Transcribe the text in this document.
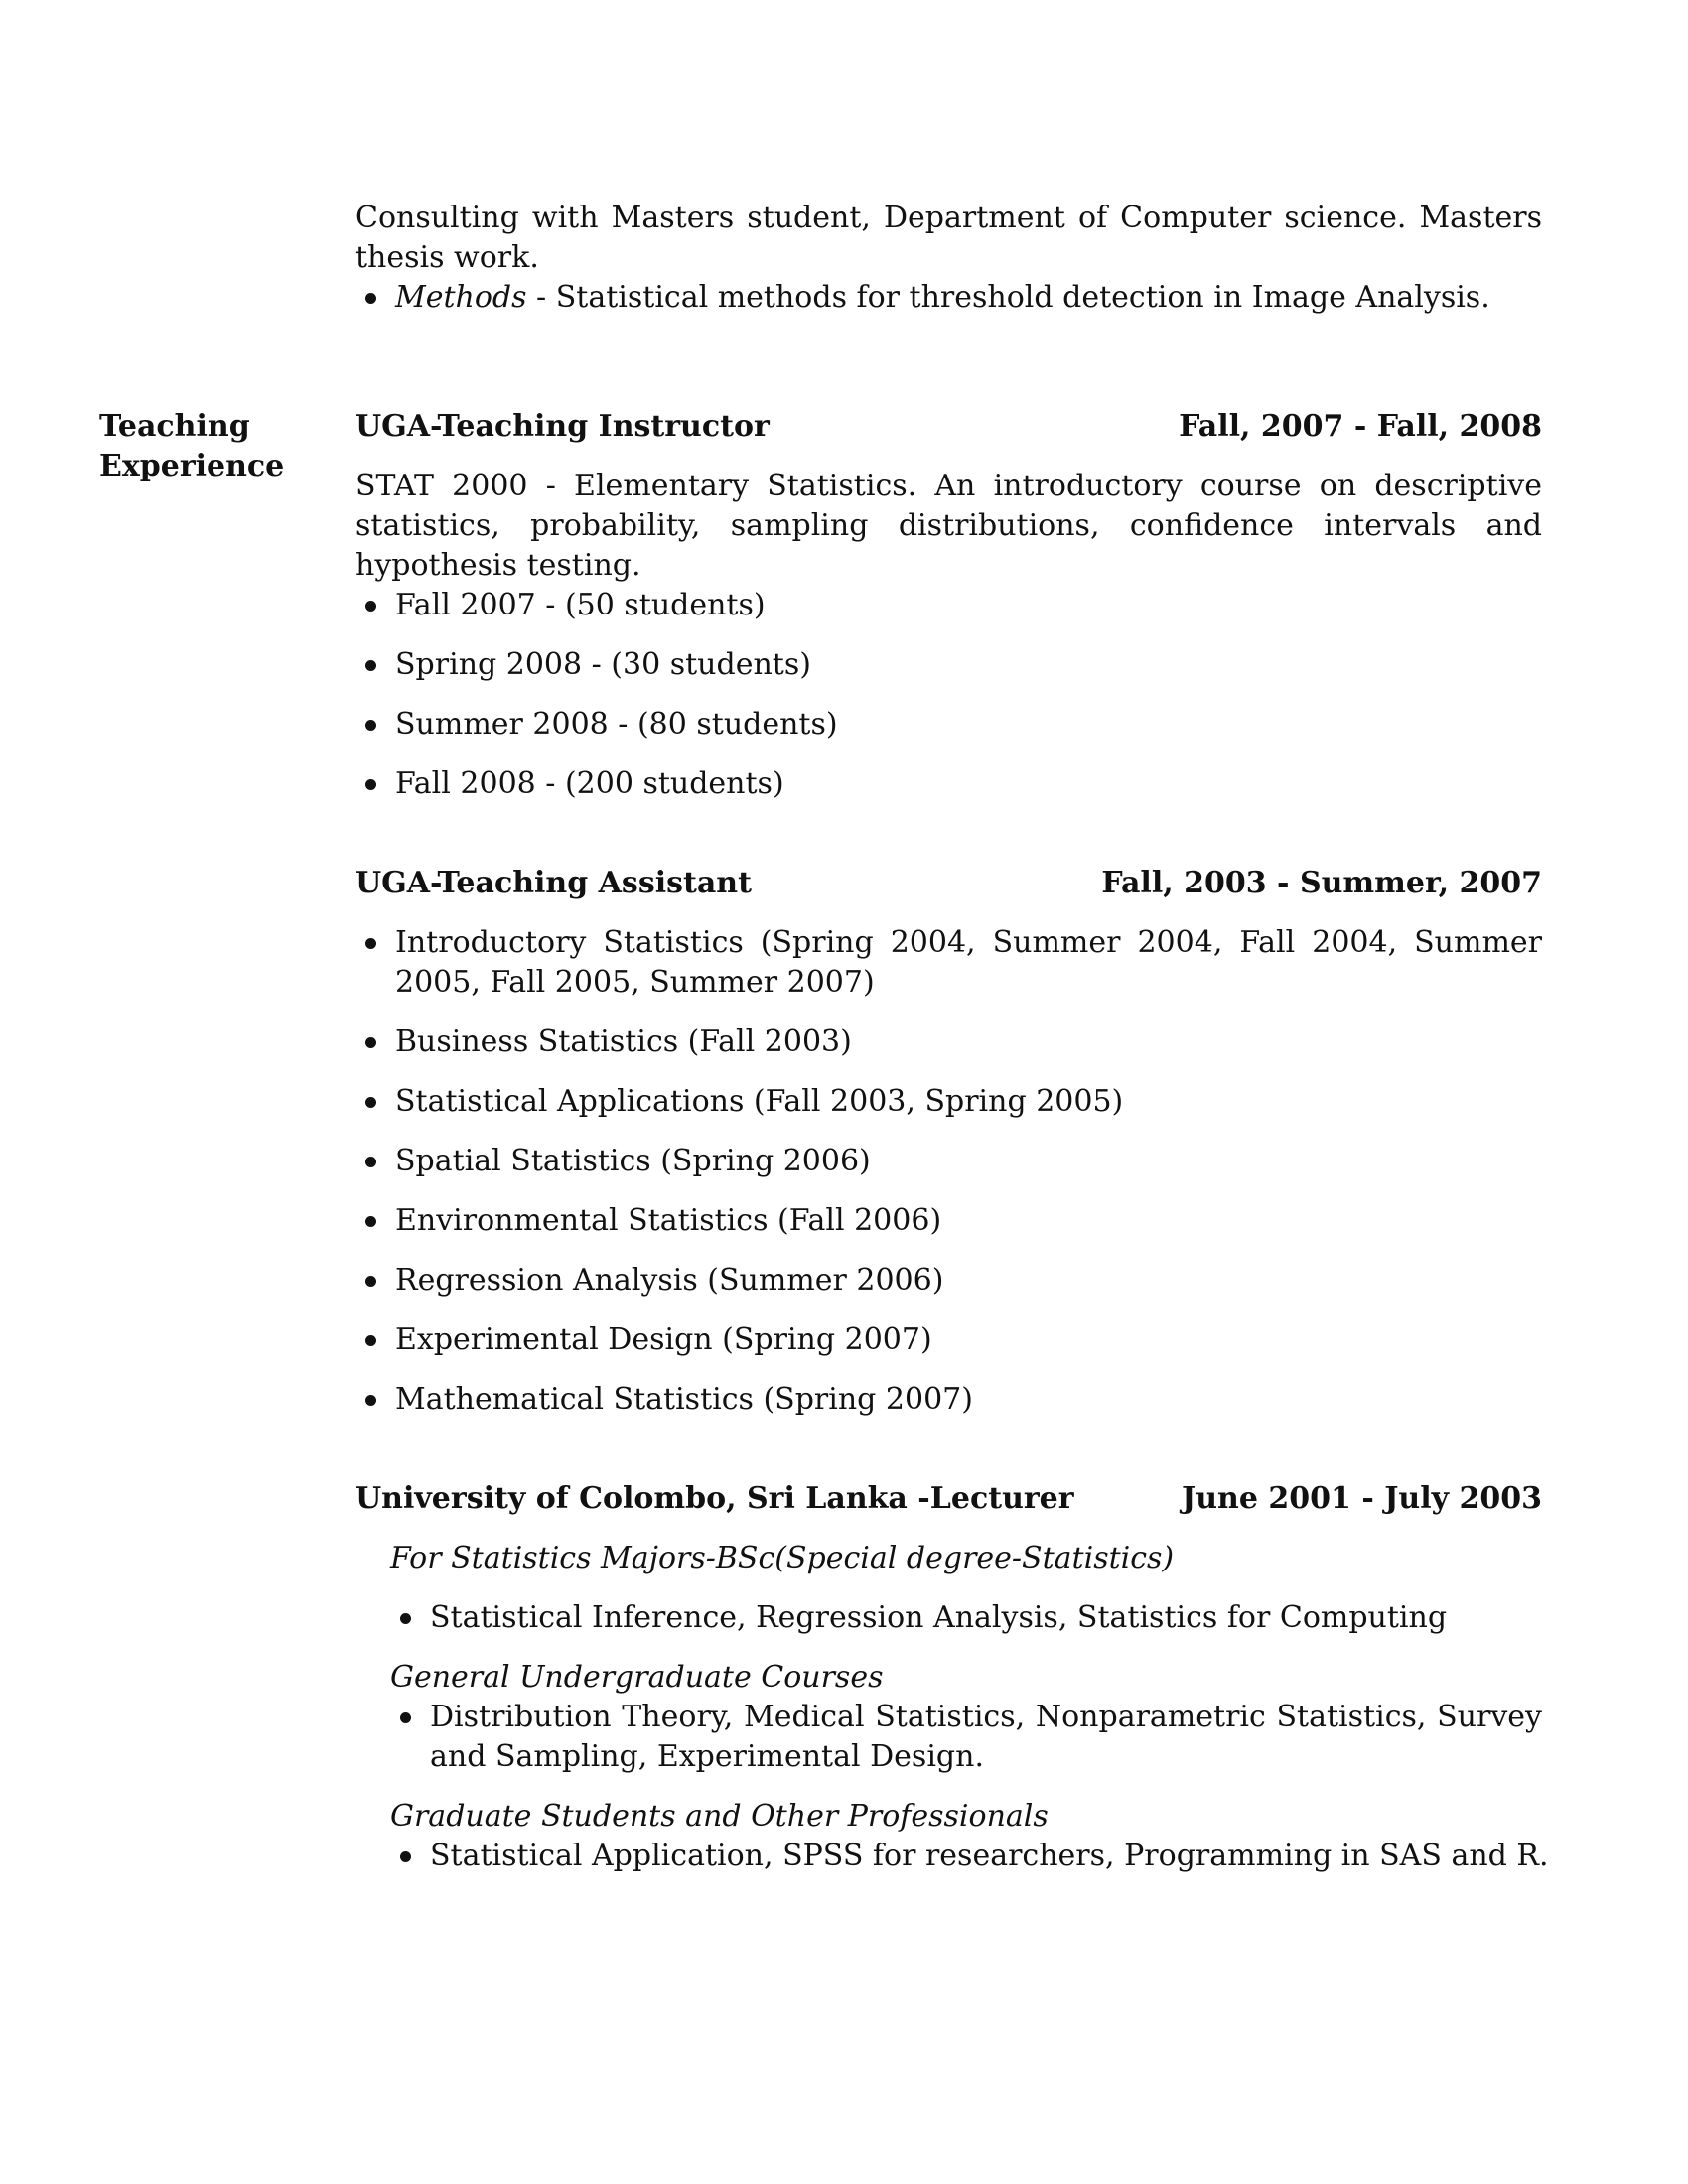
Consulting with Masters student, Department of Computer science. Masters thesis work.
Methods - Statistical methods for threshold detection in Image Analysis.
Teaching
Experience
UGA-Teaching Instructor	Fall, 2007 - Fall, 2008
STAT 2000 - Elementary Statistics. An introductory course on descriptive statistics, probability, sampling distributions, confidence intervals and hypothesis testing.
Fall 2007 - (50 students)
Spring 2008 - (30 students)
Summer 2008 - (80 students)
Fall 2008 - (200 students)
UGA-Teaching Assistant	Fall, 2003 - Summer, 2007
Introductory Statistics (Spring 2004, Summer 2004, Fall 2004, Summer 2005, Fall 2005, Summer 2007)
Business Statistics (Fall 2003)
Statistical Applications (Fall 2003, Spring 2005)
Spatial Statistics (Spring 2006)
Environmental Statistics (Fall 2006)
Regression Analysis (Summer 2006)
Experimental Design (Spring 2007)
Mathematical Statistics (Spring 2007)
University of Colombo, Sri Lanka -Lecturer	June 2001 - July 2003
For Statistics Majors-BSc(Special degree-Statistics)
Statistical Inference, Regression Analysis, Statistics for Computing
General Undergraduate Courses
Distribution Theory, Medical Statistics, Nonparametric Statistics, Survey and Sampling, Experimental Design.
Graduate Students and Other Professionals
Statistical Application, SPSS for researchers, Programming in SAS and R.
